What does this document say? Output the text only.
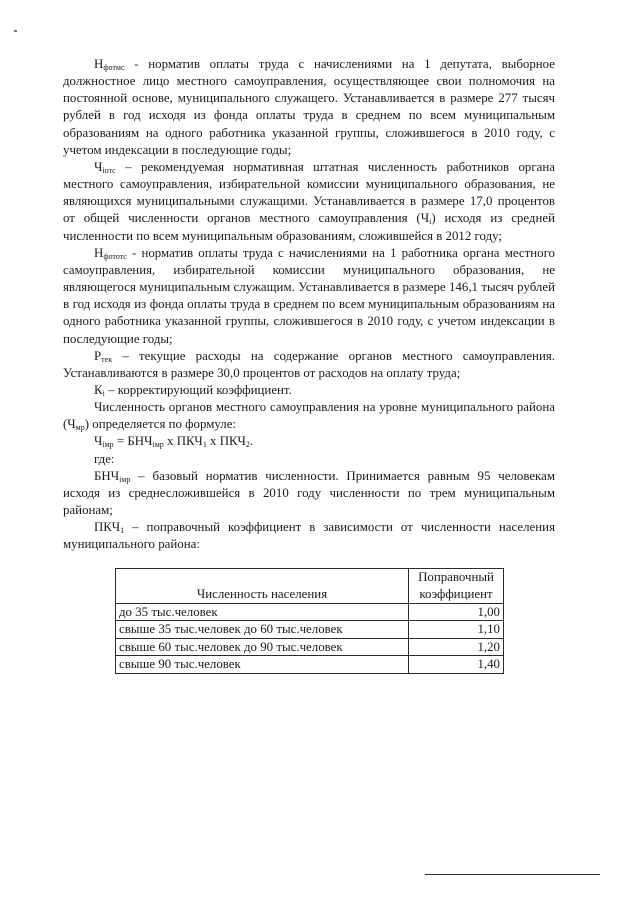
$Н_{фотмс}$ - норматив оплаты труда с начислениями на 1 депутата, выборное должностное лицо местного самоуправления, осуществляющее свои полномочия на постоянной основе, муниципального служащего. Устанавливается в размере 277 тысяч рублей в год исходя из фонда оплаты труда в среднем по всем муниципальным образованиям на одного работника указанной группы, сложившегося в 2010 году, с учетом индексации в последующие годы;

$Ч_{iотс}$ – рекомендуемая нормативная штатная численность работников органа местного самоуправления, избирательной комиссии муниципального образования, не являющихся муниципальными служащими. Устанавливается в размере 17,0 процентов от общей численности органов местного самоуправления $(Ч_i)$ исходя из средней численности по всем муниципальным образованиям, сложившейся в 2012 году;

$Н_{фототс}$ - норматив оплаты труда с начислениями на 1 работника органа местного самоуправления, избирательной комиссии муниципального образования, не являющегося муниципальным служащим. Устанавливается в размере 146,1 тысяч рублей в год исходя из фонда оплаты труда в среднем по всем муниципальным образованиям на одного работника указанной группы, сложившегося в 2010 году, с учетом индексации в последующие годы;

$Р_{тек}$ – текущие расходы на содержание органов местного самоуправления. Устанавливаются в размере 30,0 процентов от расходов на оплату труда;

$К_i$ – корректирующий коэффициент.

Численность органов местного самоуправления на уровне муниципального района $(Ч_{мр})$ определяется по формуле:

$Ч_{iмр} = БНЧ_{iмр}$ х $ПКЧ_1$ х $ПКЧ_2$.

где:

$БНЧ_{iмр}$ – базовый норматив численности. Принимается равным 95 человекам исходя из среднесложившейся в 2010 году численности по трем муниципальным районам;

$ПКЧ_1$ – поправочный коэффициент в зависимости от численности населения муниципального района:

Численность населения	Поправочный коэффициент
до 35 тыс.человек	1,00
свыше 35 тыс.человек до 60 тыс.человек	1,10
свыше 60 тыс.человек до 90 тыс.человек	1,20
свыше 90 тыс.человек	1,40
